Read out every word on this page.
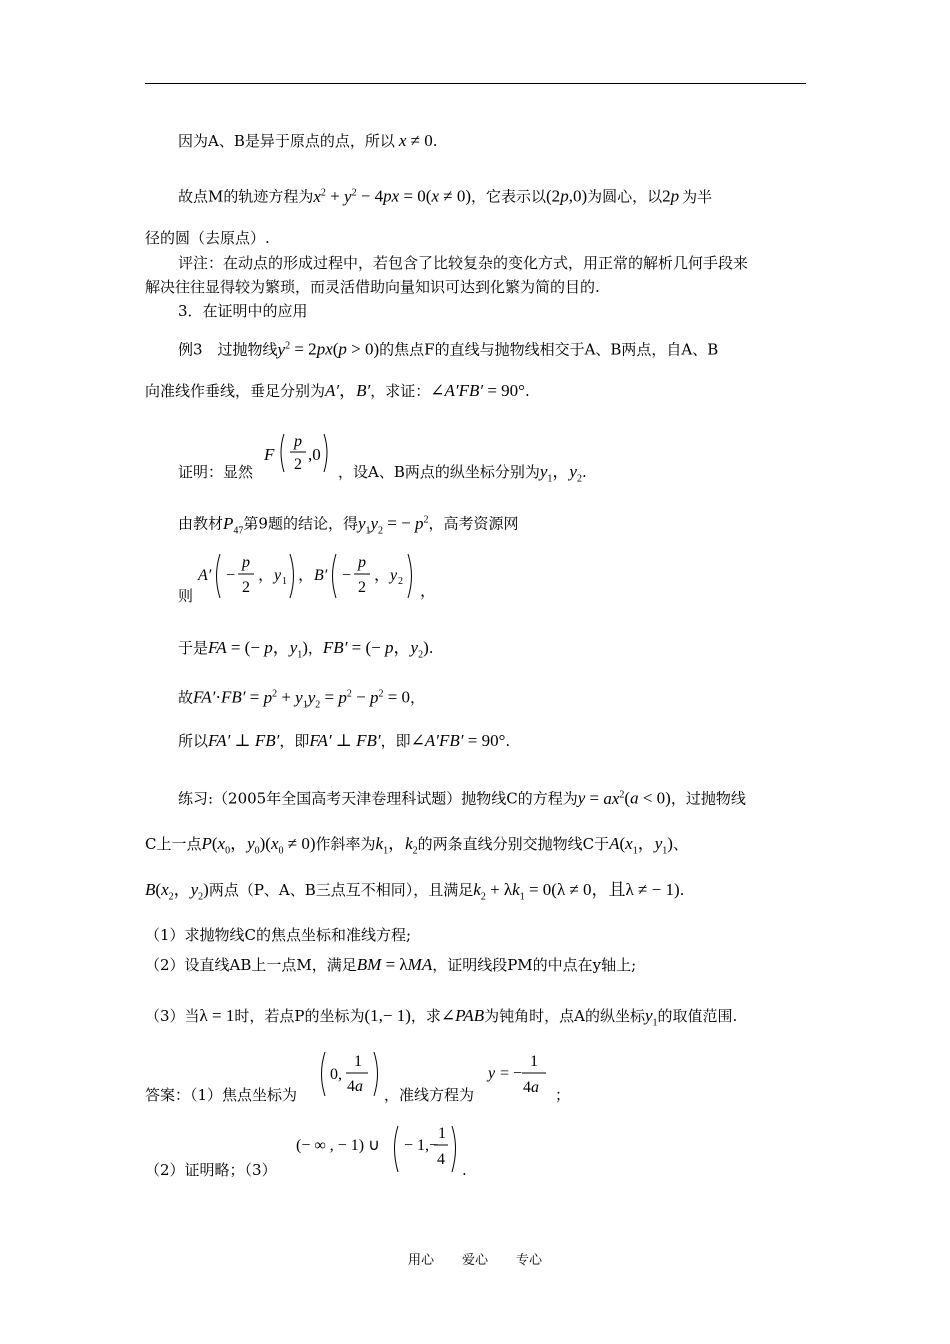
因为A、B是异于原点的点，所以 x ≠ 0.
故点M的轨迹方程为$x^2 + y^2 - 4px = 0(x \ne 0)$，它表示以(2p,0)为圆心，以2p 为半
径的圆（去原点）.
评注：在动点的形成过程中，若包含了比较复杂的变化方式，用正常的解析几何手段来
解决往往显得较为繁琐，而灵活借助向量知识可达到化繁为简的目的.
3．在证明中的应用
例3　过抛物线$y^2 = 2px(p > 0)$的焦点F的直线与抛物线相交于A、B两点，自A、B
向准线作垂线，垂足分别为A′，B′，求证：∠A′FB′ = 90°.
证明：显然
F
p
2
,0
，设A、B两点的纵坐标分别为$y_1$，$y_2$.
由教材$P_{47}$第9题的结论，得$y_1y_2$ = − $p^2$，高考资源网
则
A′ −
p
2
， y 1 ， B′ −
p
2
， y 2
，
于是FA = (− p，$y_1$)，FB′ = (− p，$y_2$).
故$FA'\cdot FB' = p^2 + y_1y_2 = p^2 - p^2 = 0$，
所以FA′ ⊥ FB′，即FA′ ⊥ FB′，即∠A′FB′ = 90°.
练习:（2005年全国高考天津卷理科试题）抛物线C的方程为$y = ax^2(a < 0)$，过抛物线
C上一点$P(x_0$，$y_0)(x_0 \ne 0)$作斜率为$k_1$，$k_2$的两条直线分别交抛物线C于$A(x_1$，$y_1$)、
$B(x_2$，$y_2$)两点（P、A、B三点互不相同），且满足$k_2 + \lambda k_1 = 0(\lambda \ne 0$，且λ ≠ − 1).
（1）求抛物线C的焦点坐标和准线方程;
（2）设直线AB上一点M，满足BM = λMA，证明线段PM的中点在y轴上;
（3）当λ = 1时，若点P的坐标为(1,− 1)，求∠PAB为钝角时，点A的纵坐标$y_1$的取值范围.
答案：（1）焦点坐标为
0,
1
4a ，准线方程为
y = −
1
4a ；
（2）证明略；（3）
(− ∞ , − 1) ∪ − 1,−
1
4
.
用心 爱心 专心
